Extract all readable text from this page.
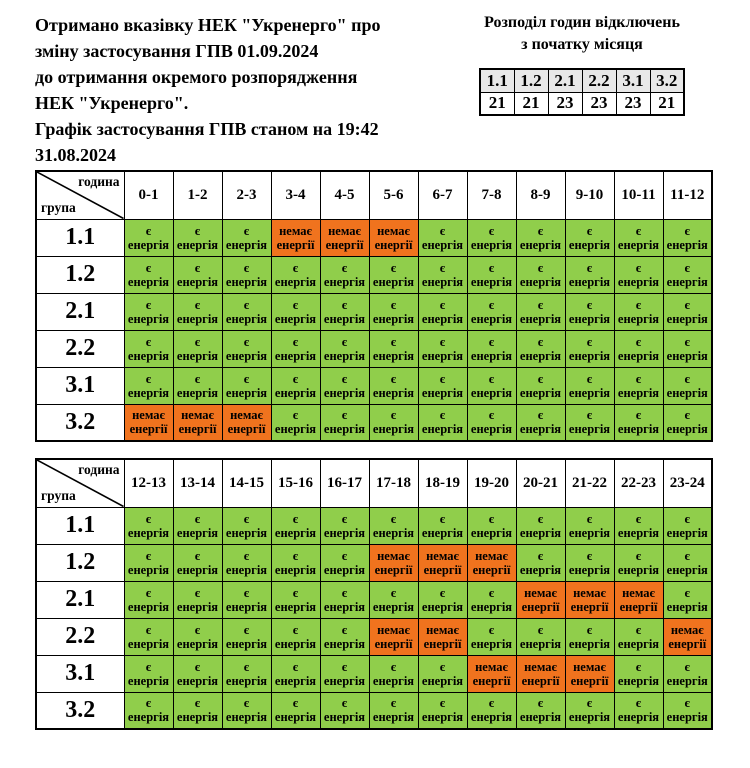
Отримано вказівку НЕК "Укренерго" про
зміну застосування ГПВ 01.09.2024
до отримання окремого розпорядження
НЕК "Укренерго".
Графік застосування ГПВ станом на 19:42
31.08.2024
Розподіл годин відключень
з початку місяця
1.1	1.2	2.1	2.2	3.1	3.2
21	21	23	23	23	21
година
група	0-1	1-2	2-3	3-4	4-5	5-6	6-7	7-8	8-9	9-10	10-11	11-12
1.1	є
енергія

є
енергія

є
енергія

немає
енергії

немає
енергії

немає
енергії

є
енергія

є
енергія

є
енергія

є
енергія

є
енергія

є
енергія

1.2	є
енергія

є
енергія

є
енергія

є
енергія

є
енергія

є
енергія

є
енергія

є
енергія

є
енергія

є
енергія

є
енергія

є
енергія

2.1	є
енергія

є
енергія

є
енергія

є
енергія

є
енергія

є
енергія

є
енергія

є
енергія

є
енергія

є
енергія

є
енергія

є
енергія

2.2	є
енергія

є
енергія

є
енергія

є
енергія

є
енергія

є
енергія

є
енергія

є
енергія

є
енергія

є
енергія

є
енергія

є
енергія

3.1	є
енергія

є
енергія

є
енергія

є
енергія

є
енергія

є
енергія

є
енергія

є
енергія

є
енергія

є
енергія

є
енергія

є
енергія

3.2	немає
енергії

немає
енергії

немає
енергії

є
енергія

є
енергія

є
енергія

є
енергія

є
енергія

є
енергія

є
енергія

є
енергія

є
енергія
година
група	12-13	13-14	14-15	15-16	16-17	17-18	18-19	19-20	20-21	21-22	22-23	23-24
1.1	є
енергія

є
енергія

є
енергія

є
енергія

є
енергія

є
енергія

є
енергія

є
енергія

є
енергія

є
енергія

є
енергія

є
енергія

1.2	є
енергія

є
енергія

є
енергія

є
енергія

є
енергія

немає
енергії

немає
енергії

немає
енергії

є
енергія

є
енергія

є
енергія

є
енергія

2.1	є
енергія

є
енергія

є
енергія

є
енергія

є
енергія

є
енергія

є
енергія

є
енергія

немає
енергії

немає
енергії

немає
енергії

є
енергія

2.2	є
енергія

є
енергія

є
енергія

є
енергія

є
енергія

немає
енергії

немає
енергії

є
енергія

є
енергія

є
енергія

є
енергія

немає
енергії

3.1	є
енергія

є
енергія

є
енергія

є
енергія

є
енергія

є
енергія

є
енергія

немає
енергії

немає
енергії

немає
енергії

є
енергія

є
енергія

3.2	є
енергія

є
енергія

є
енергія

є
енергія

є
енергія

є
енергія

є
енергія

є
енергія

є
енергія

є
енергія

є
енергія

є
енергія
